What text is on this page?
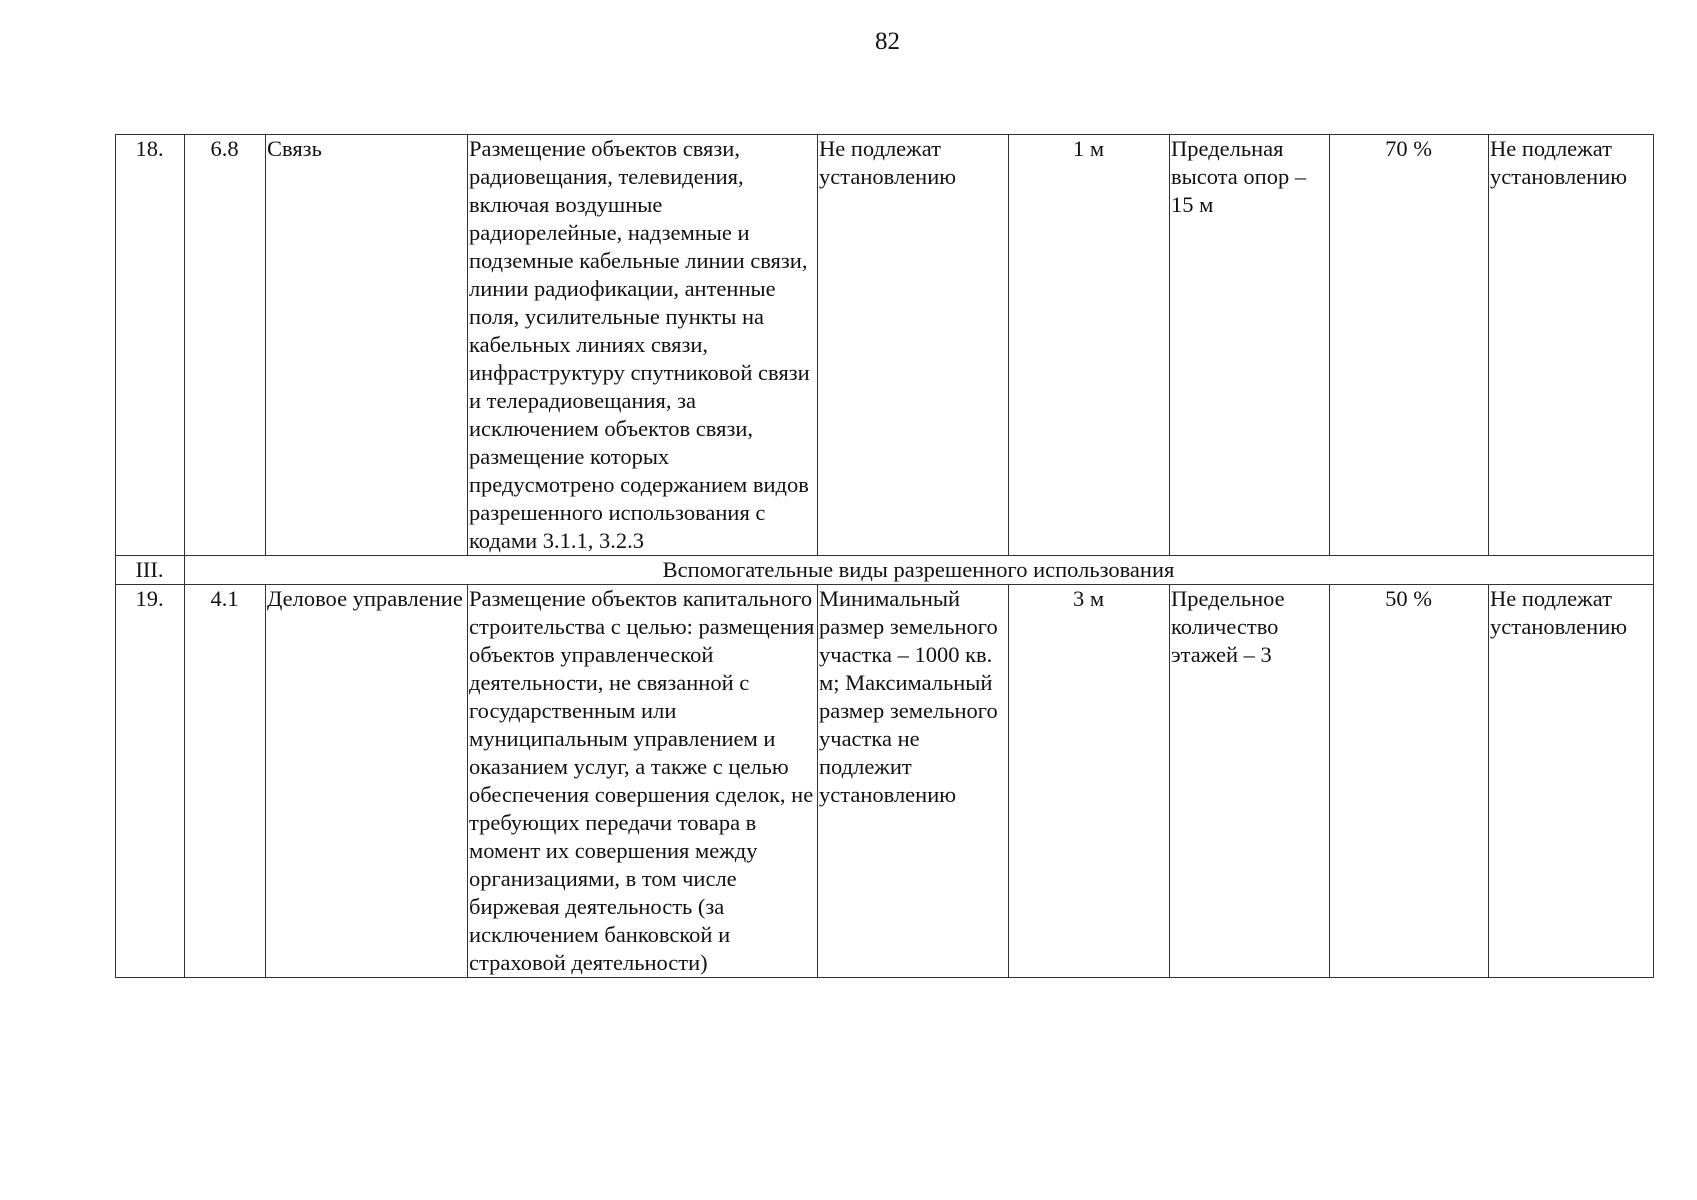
82
18.	6.8	Связь	Размещение объектов связи, радиовещания, телевидения, включая воздушные радиорелейные, надземные и подземные кабельные линии связи, линии радиофикации, антенные поля, усилительные пункты на кабельных линиях связи, инфраструктуру спутниковой связи и телерадиовещания, за исключением объектов связи, размещение которых предусмотрено содержанием видов разрешенного использования с кодами 3.1.1, 3.2.3	Не подлежат установлению	1 м	Предельная высота опор – 15 м	70 %	Не подлежат установлению
III.	Вспомогательные виды разрешенного использования							
19.	4.1	Деловое управление	Размещение объектов капитального строительства с целью: размещения объектов управленческой деятельности, не связанной с государственным или муниципальным управлением и оказанием услуг, а также с целью обеспечения совершения сделок, не требующих передачи товара в момент их совершения между организациями, в том числе биржевая деятельность (за исключением банковской и страховой деятельности)	Минимальный размер земельного участка – 1000 кв. м; Максимальный размер земельного участка не подлежит установлению	3 м	Предельное количество этажей – 3	50 %	Не подлежат установлению
